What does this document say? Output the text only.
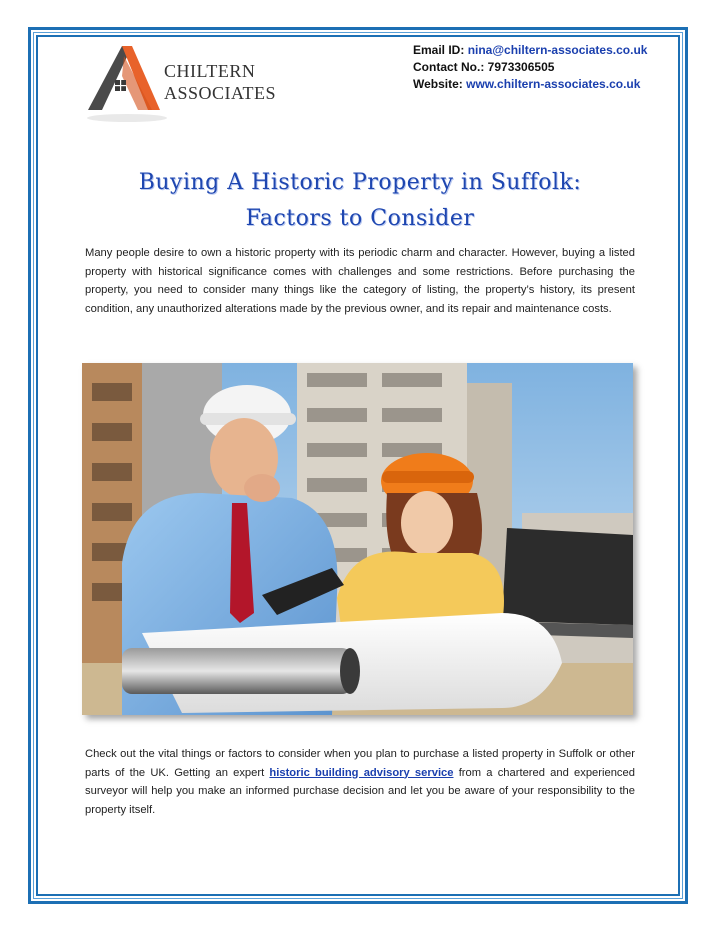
CHILTERN
ASSOCIATES
Email ID: nina@chiltern-associates.co.uk
Contact No.: 7973306505
Website: www.chiltern-associates.co.uk
Buying A Historic Property in Suffolk:
Factors to Consider
Many people desire to own a historic property with its periodic charm and character. However, buying a listed property with historical significance comes with challenges and some restrictions. Before purchasing the property, you need to consider many things like the category of listing, the property’s history, its present condition, any unauthorized alterations made by the previous owner, and its repair and maintenance costs.
Check out the vital things or factors to consider when you plan to purchase a listed property in Suffolk or other parts of the UK. Getting an expert historic building advisory service from a chartered and experienced surveyor will help you make an informed purchase decision and let you be aware of your responsibility to the property itself.
